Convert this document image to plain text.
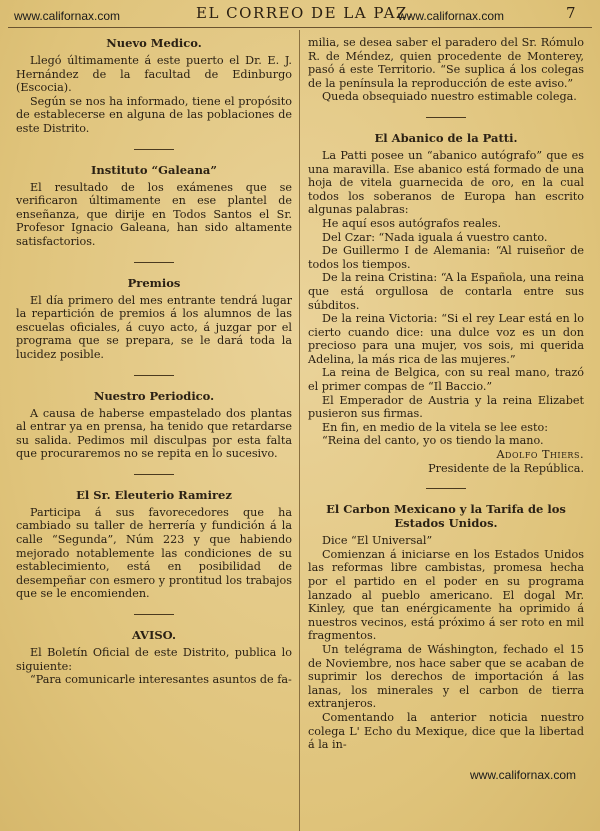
www.californax.com	EL CORREO DE LA PAZ.
www.californax.com	7
Nuevo Medico.

Llegó últimamente á este puerto el Dr. E. J. Hernández de la facultad de Edinburgo (Escocia).

Según se nos ha informado, tiene el propósito de establecerse en alguna de las poblaciones de este Distrito.

Instituto “Galeana”

El resultado de los exámenes que se verificaron últimamente en ese plantel de enseñanza, que dirije en Todos Santos el Sr. Profesor Ignacio Galeana, han sido altamente satisfactorios.

Premios

El día primero del mes entrante tendrá lugar la repartición de premios á los alumnos de las escuelas oficiales, á cuyo acto, á juzgar por el programa que se prepara, se le dará toda la lucidez posible.

Nuestro Periodico.

A causa de haberse empastelado dos plantas al entrar ya en prensa, ha tenido que retardarse su salida. Pedimos mil disculpas por esta falta que procuraremos no se repita en lo sucesivo.

El Sr. Eleuterio Ramirez

Participa á sus favorecedores que ha cambiado su taller de herrería y fundición á la calle “Segunda”, Núm 223 y que habiendo mejorado notablemente las condiciones de su establecimiento, está en posibilidad de desempeñar con esmero y prontitud los trabajos que se le encomienden.

AVISO.

El Boletín Oficial de este Distrito, publica lo siguiente:

“Para comunicarle interesantes asuntos de fa-

milia, se desea saber el paradero del Sr. Rómulo R. de Méndez, quien procedente de Monterey, pasó á este Territorio. “Se suplica á los colegas de la península la reproducción de este aviso.”

Queda obsequiado nuestro estimable colega.

El Abanico de la Patti.

La Patti posee un “abanico autógrafo” que es una maravilla. Ese abanico está formado de una hoja de vitela guarnecida de oro, en la cual todos los soberanos de Europa han escrito algunas palabras:

He aquí esos autógrafos reales.

Del Czar: “Nada iguala á vuestro canto.

De Guillermo I de Alemania: “Al ruiseñor de todos los tiempos.

De la reina Cristina: “A la Española, una reina que está orgullosa de contarla entre sus súbditos.

De la reina Victoria: “Si el rey Lear está en lo cierto cuando dice: una dulce voz es un don precioso para una mujer, vos sois, mi querida Adelina, la más rica de las mujeres.”

La reina de Belgica, con su real mano, trazó el primer compas de “Il Baccio.”

El Emperador de Austria y la reina Elizabet pusieron sus firmas.

En fin, en medio de la vitela se lee esto:

“Reina del canto, yo os tiendo la mano.

Adolfo Thiers.

Presidente de la República.

El Carbon Mexicano y la Tarifa de los Estados Unidos.

Dice “El Universal”

Comienzan á iniciarse en los Estados Unidos las reformas libre cambistas, promesa hecha por el partido en el poder en su programa lanzado al pueblo americano. El dogal Mr. Kinley, que tan enérgicamente ha oprimido á nuestros vecinos, está próximo á ser roto en mil fragmentos.

Un telégrama de Wáshington, fechado el 15 de Noviembre, nos hace saber que se acaban de suprimir los derechos de importación á las lanas, los minerales y el carbon de tierra extranjeros.

Comentando la anterior noticia nuestro colega L' Echo du Mexique, dice que la libertad á la in-

www.californax.com
